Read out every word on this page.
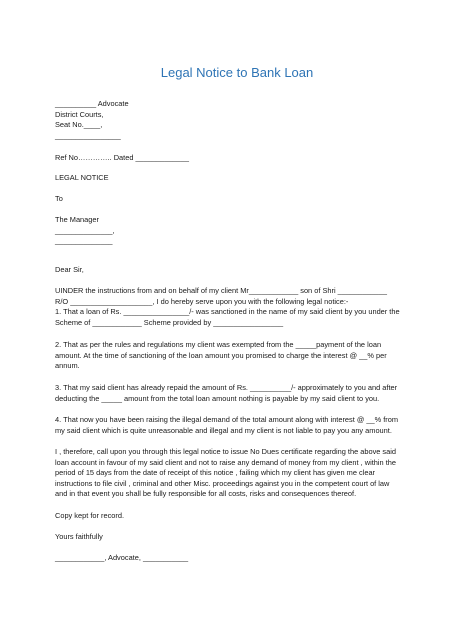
Legal Notice to Bank Loan
__________ Advocate
District Courts,
Seat No.____,
________________
Ref No………….. Dated _____________
LEGAL NOTICE
To
The Manager
______________,
______________
Dear Sir,
UINDER the instructions from and on behalf of my client Mr____________ son of Shri ____________
R/O ____________________, I do hereby serve upon you with the following legal notice:-
1. That a loan of Rs. ________________/- was sanctioned in the name of my said client by you under the
Scheme of ____________ Scheme provided by _________________
2. That as per the rules and regulations my client was exempted from the _____payment of the loan
amount. At the time of sanctioning of the loan amount you promised to charge the interest @ __% per
annum.
3. That my said client has already repaid the amount of Rs. __________/- approximately to you and after
deducting the _____ amount from the total loan amount nothing is payable by my said client to you.
4. That now you have been raising the illegal demand of the total amount along with interest @ __% from
my said client which is quite unreasonable and illegal and my client is not liable to pay you any amount.
I , therefore, call upon you through this legal notice to issue No Dues certificate regarding the above said
loan account in favour of my said client and not to raise any demand of money from my client , within the
period of 15 days from the date of receipt of this notice , failing which my client has given me clear
instructions to file civil , criminal and other Misc. proceedings against you in the competent court of law
and in that event you shall be fully responsible for all costs, risks and consequences thereof.
Copy kept for record.
Yours faithfully
____________, Advocate, ___________
